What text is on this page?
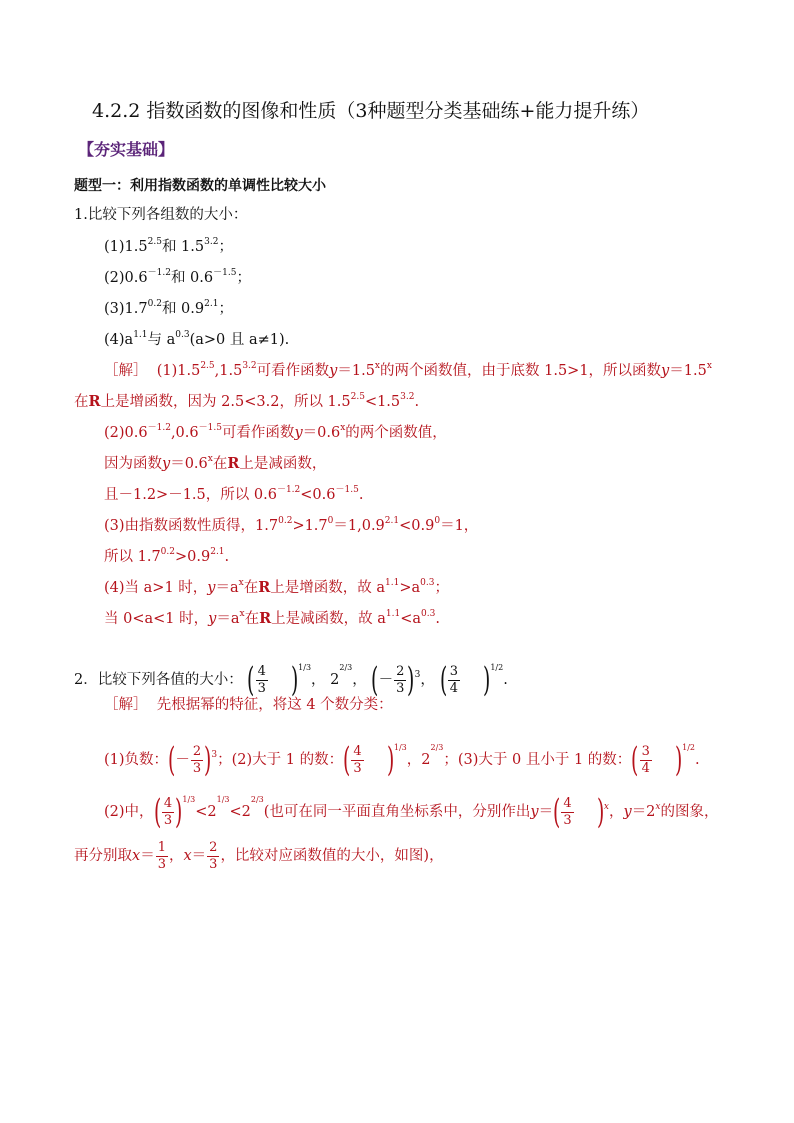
4.2.2 指数函数的图像和性质（3种题型分类基础练+能力提升练）
【夯实基础】
题型一：利用指数函数的单调性比较大小
1.比较下列各组数的大小：
$(1)1.5^{2.5}$和 $1.5^{3.2}$；
$(2)0.6^{-1.2}$和 $0.6^{-1.5}$；
$(3)1.7^{0.2}$和 $0.9^{2.1}$；
$(4)a^{1.1}$与 $a^{0.3}(a>0$ 且 a≠1).
［解］ $(1)1.5^{2.5},1.5^{3.2}$可看作函数$y=1.5^x$的两个函数值，由于底数 1.5>1，所以函数$y=1.5^x$
在R上是增函数，因为 2.5<3.2，所以 $1.5^{2.5}<1.5^{3.2}$.
$(2)0.6^{-1.2},0.6^{-1.5}$可看作函数$y=0.6^x$的两个函数值，
因为函数$y=0.6^x$在R上是减函数，
且－1.2>－1.5，所以 $0.6^{-1.2}<0.6^{-1.5}$.
(3)由指数函数性质得，$1.7^{0.2}>1.7^0=1,0.9^{2.1}<0.9^0=1$，
所以 $1.7^{0.2}>0.9^{2.1}$.
(4)当 a>1 时，$y=a^x$在R上是增函数，故 $a^{1.1}>a^{0.3}$；
当 0<a<1 时，$y=a^x$在R上是减函数，故 $a^{1.1}<a^{0.3}$.
2．比较下列各值的大小： ( $\frac{4}{3} )^{1/3}$， $2^{2/3}$， (－ $\frac{2}{3} )^3$， ( $\frac{3}{4} )^{1/2}$.
［解］ 先根据幂的特征，将这 4 个数分类：
(1)负数：(－ $\frac{2}{3} )^3$；(2)大于 1 的数：( $\frac{4}{3} )^{1/3}$，$2^{2/3}$；(3)大于 0 且小于 1 的数：( $\frac{3}{4} )^{1/2}$.
(2)中，( $\frac{4}{3} )^{1/3}<2^{1/3}<2^{2/3}$(也可在同一平面直角坐标系中，分别作出$y=( \frac{4}{3} )^x$，$y=2^x$的图象，
再分别取$x= \frac{1}{3}$ ，$x= \frac{2}{3}$ ，比较对应函数值的大小，如图)，
